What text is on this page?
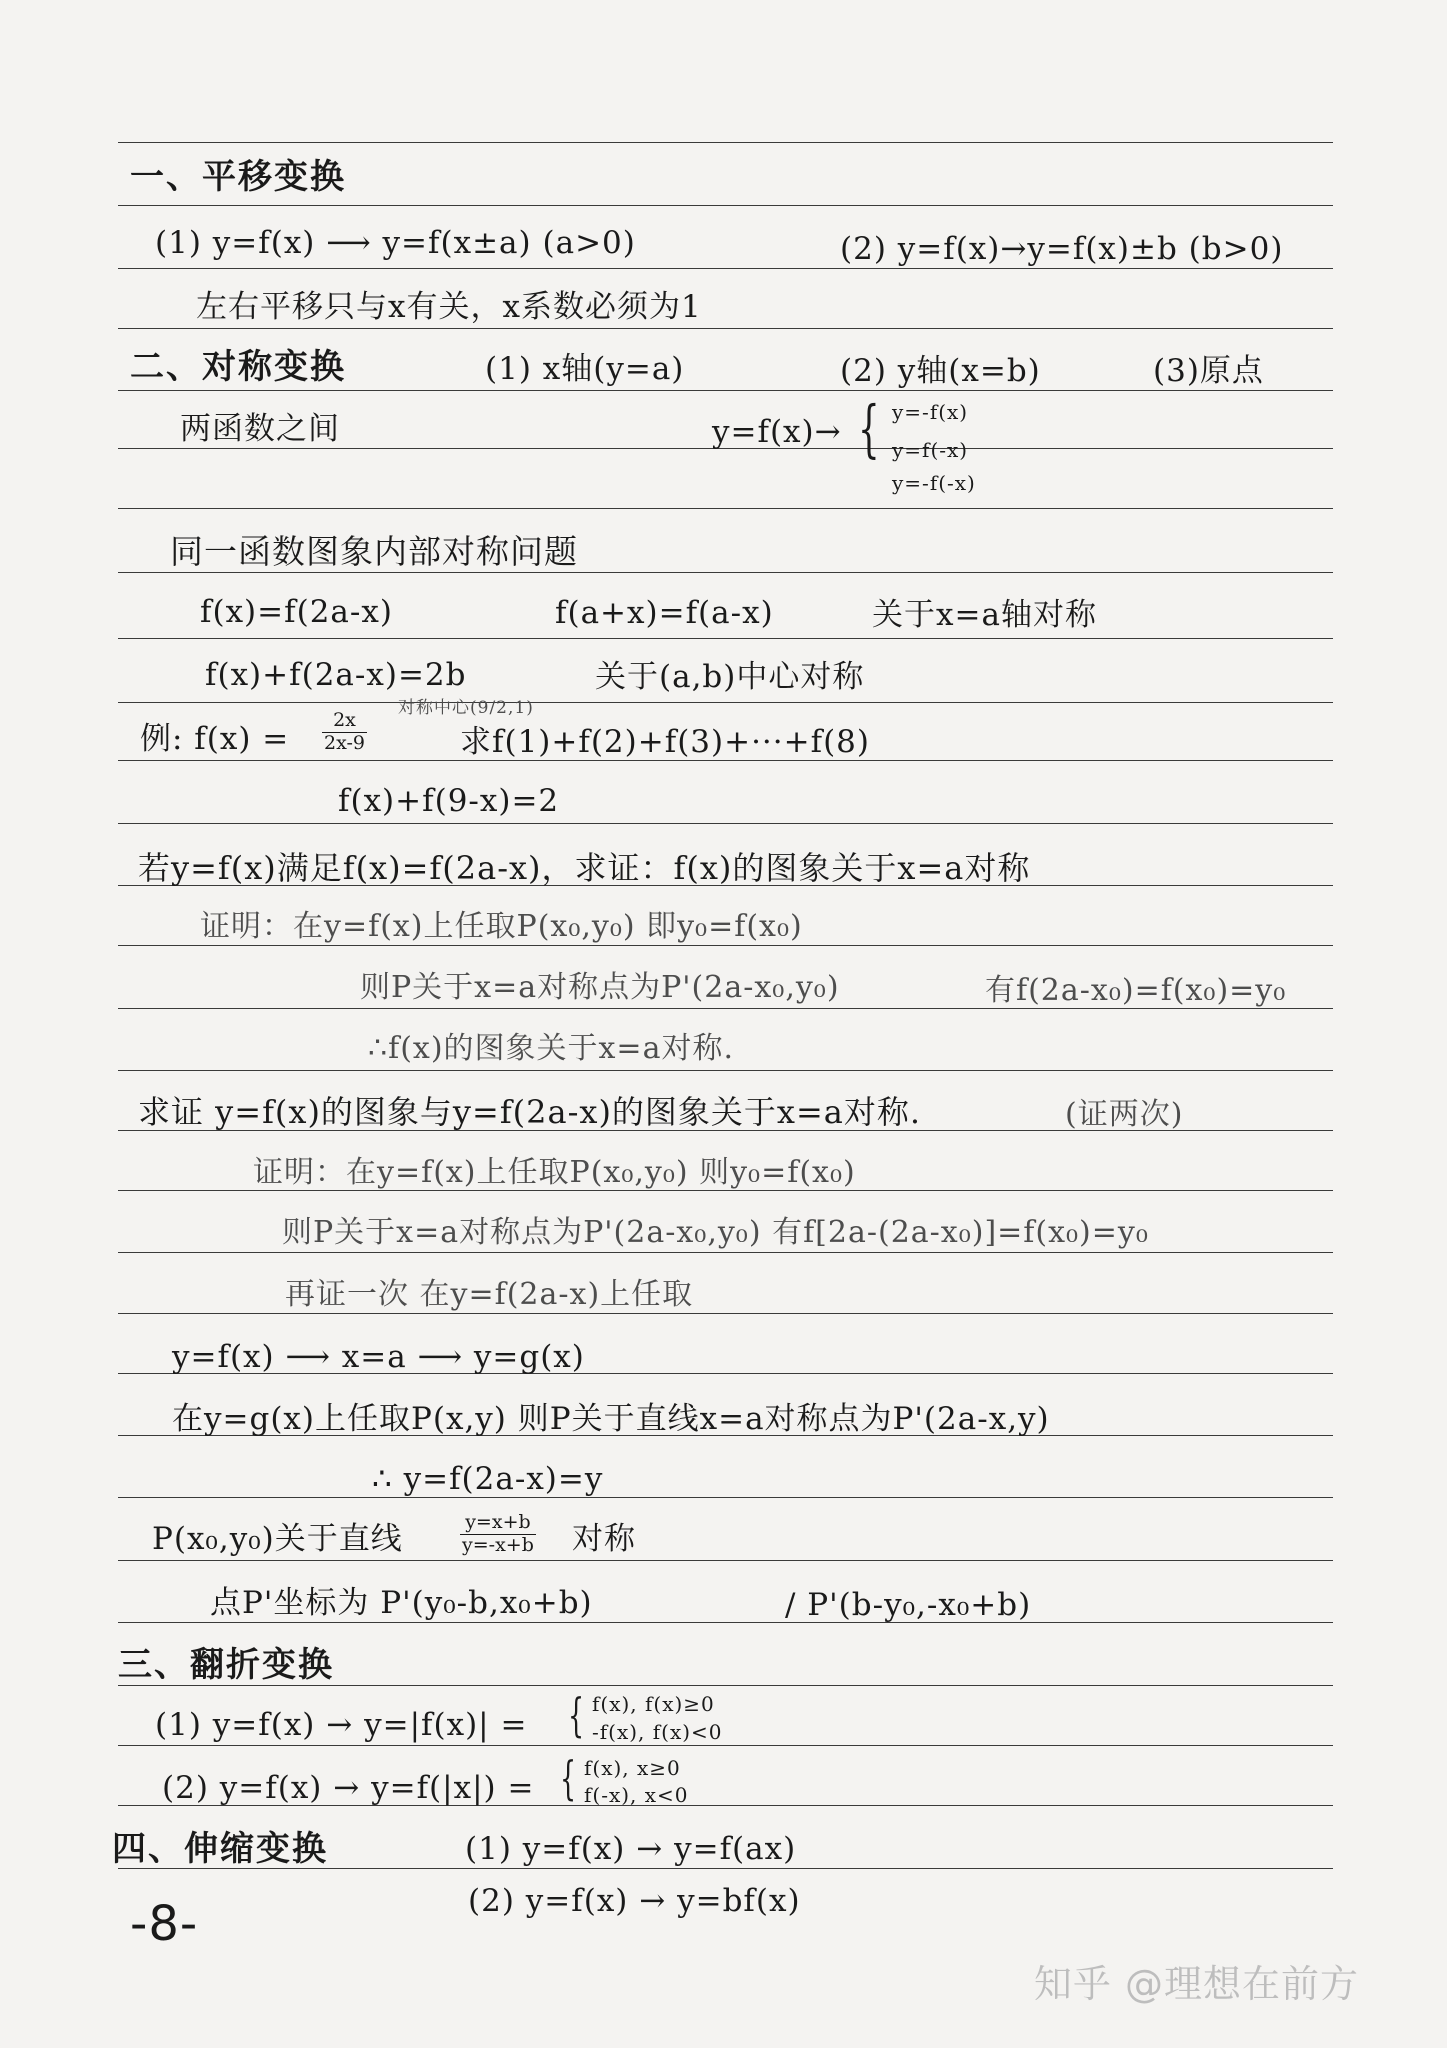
一、平移变换
(1) y=f(x) ⟶ y=f(x±a) (a>0)	(2) y=f(x)→y=f(x)±b (b>0)
左右平移只与x有关，x系数必须为1
二、对称变换	(1) x轴(y=a)	(2) y轴(x=b)	(3)原点
两函数之间	y=f(x)→ { y=-f(x)
y=f(-x)
y=-f(-x)
同一函数图象内部对称问题
f(x)=f(2a-x)	f(a+x)=f(a-x)	关于x=a轴对称
f(x)+f(2a-x)=2b	关于(a,b)中心对称
例: $f(x) = \frac{2x}{2x-9}$
对称中心(9/2,1)
求f(1)+f(2)+f(3)+···+f(8)
f(x)+f(9-x)=2
若y=f(x)满足f(x)=f(2a-x)，求证：f(x)的图象关于x=a对称
证明：在y=f(x)上任取P(x₀,y₀) 即y₀=f(x₀)
则P关于x=a对称点为P'(2a-x₀,y₀)	有f(2a-x₀)=f(x₀)=y₀
∴f(x)的图象关于x=a对称.
求证 y=f(x)的图象与y=f(2a-x)的图象关于x=a对称.	(证两次)
证明：在y=f(x)上任取P(x₀,y₀) 则y₀=f(x₀)
则P关于x=a对称点为P'(2a-x₀,y₀) 有f[2a-(2a-x₀)]=f(x₀)=y₀
再证一次 在y=f(2a-x)上任取
y=f(x) ⟶ x=a ⟶ y=g(x)
在y=g(x)上任取P(x,y) 则P关于直线x=a对称点为P'(2a-x,y)
∴ y=f(2a-x)=y
P(x₀,y₀)关于直线	$\frac{y=x+b}{y=-x+b}$ 对称
点P'坐标为 P'(y₀-b,x₀+b)	/ P'(b-y₀,-x₀+b)
三、翻折变换
(1) y=f(x) → y=|f(x)| = { f(x), f(x)≥0
-f(x), f(x)<0
(2) y=f(x) → y=f(|x|) = { f(x), x≥0
f(-x), x<0
四、伸缩变换	(1) y=f(x) → y=f(ax)
(2) y=f(x) → y=bf(x)
-8-
知乎 @理想在前方
